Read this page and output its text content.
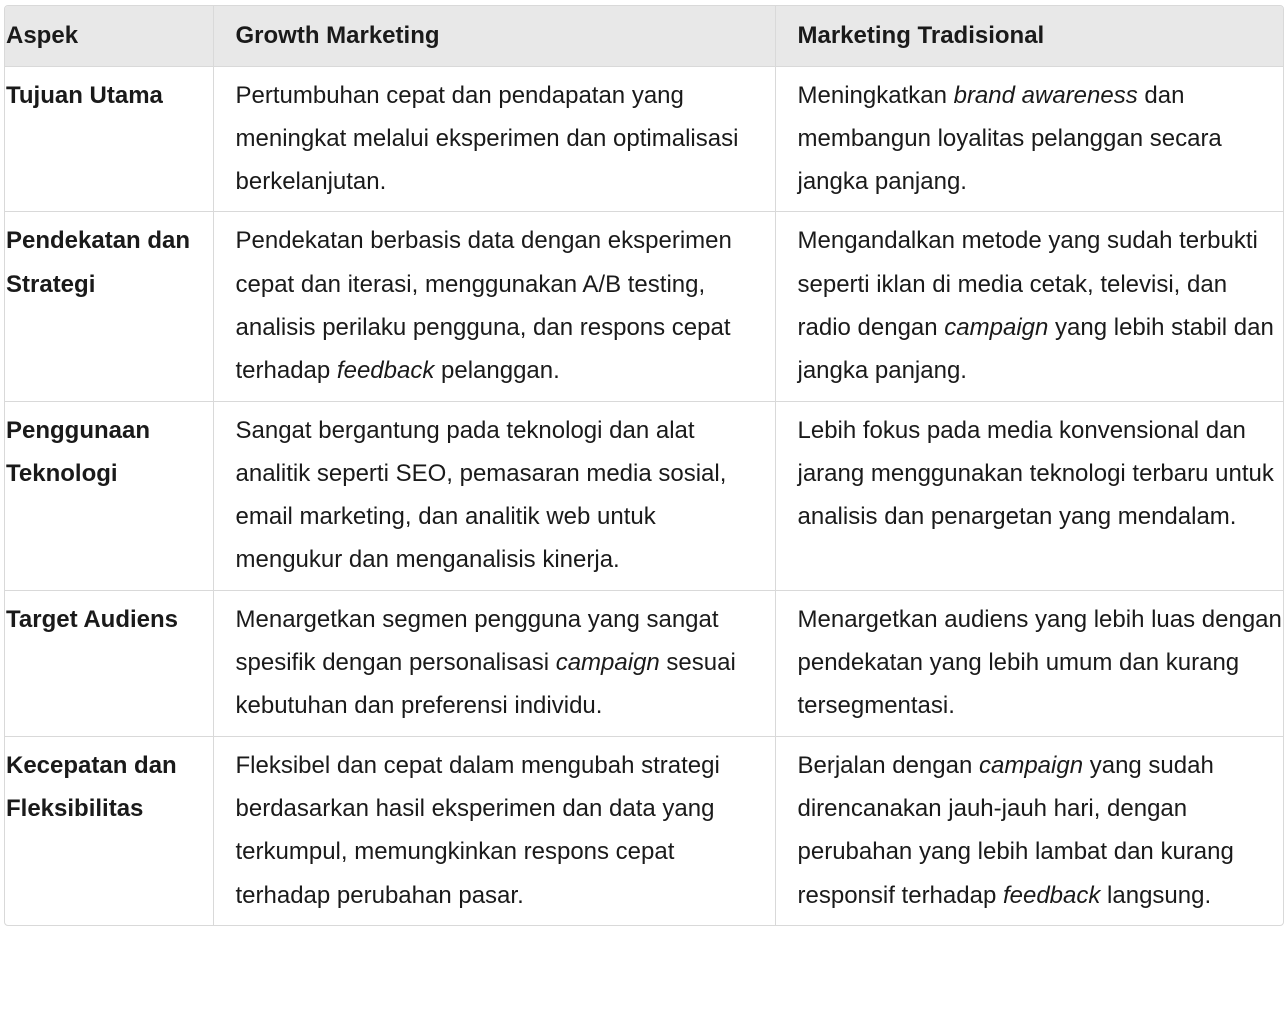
Aspek	Growth Marketing	Marketing Tradisional
Tujuan Utama	Pertumbuhan cepat dan pendapatan yang meningkat melalui eksperimen dan optimalisasi berkelanjutan.	Meningkatkan brand awareness dan membangun loyalitas pelanggan secara jangka panjang.
Pendekatan dan Strategi	Pendekatan berbasis data dengan eksperimen cepat dan iterasi, menggunakan A/B testing, analisis perilaku pengguna, dan respons cepat terhadap feedback pelanggan.	Mengandalkan metode yang sudah terbukti seperti iklan di media cetak, televisi, dan radio dengan campaign yang lebih stabil dan jangka panjang.
Penggunaan Teknologi	Sangat bergantung pada teknologi dan alat analitik seperti SEO, pemasaran media sosial, email marketing, dan analitik web untuk mengukur dan menganalisis kinerja.	Lebih fokus pada media konvensional dan jarang menggunakan teknologi terbaru untuk analisis dan penargetan yang mendalam.
Target Audiens	Menargetkan segmen pengguna yang sangat spesifik dengan personalisasi campaign sesuai kebutuhan dan preferensi individu.	Menargetkan audiens yang lebih luas dengan pendekatan yang lebih umum dan kurang tersegmentasi.
Kecepatan dan Fleksibilitas	Fleksibel dan cepat dalam mengubah strategi berdasarkan hasil eksperimen dan data yang terkumpul, memungkinkan respons cepat terhadap perubahan pasar.	Berjalan dengan campaign yang sudah direncanakan jauh-jauh hari, dengan perubahan yang lebih lambat dan kurang responsif terhadap feedback langsung.
